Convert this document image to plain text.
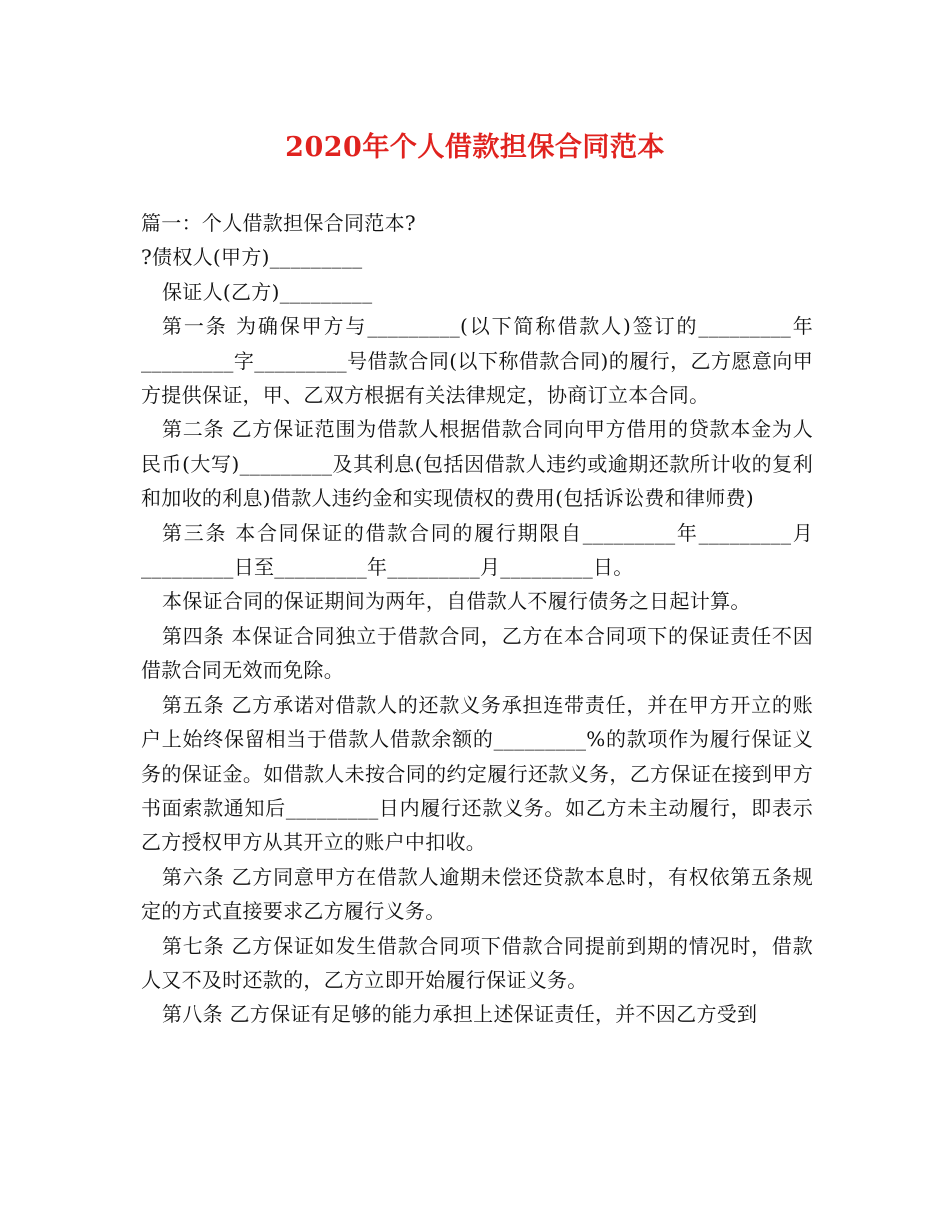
2020年个人借款担保合同范本

篇一：个人借款担保合同范本?

?债权人(甲方)_________

保证人(乙方)_________

第一条 为确保甲方与_________(以下简称借款人)签订的_________年_________字_________号借款合同(以下称借款合同)的履行，乙方愿意向甲方提供保证，甲、乙双方根据有关法律规定，协商订立本合同。

第二条 乙方保证范围为借款人根据借款合同向甲方借用的贷款本金为人民币(大写)_________及其利息(包括因借款人违约或逾期还款所计收的复利和加收的利息)借款人违约金和实现债权的费用(包括诉讼费和律师费)

第三条 本合同保证的借款合同的履行期限自_________年_________月_________日至_________年_________月_________日。

本保证合同的保证期间为两年，自借款人不履行债务之日起计算。

第四条 本保证合同独立于借款合同，乙方在本合同项下的保证责任不因借款合同无效而免除。

第五条 乙方承诺对借款人的还款义务承担连带责任，并在甲方开立的账户上始终保留相当于借款人借款余额的_________%的款项作为履行保证义务的保证金。如借款人未按合同的约定履行还款义务，乙方保证在接到甲方书面索款通知后_________日内履行还款义务。如乙方未主动履行，即表示乙方授权甲方从其开立的账户中扣收。

第六条 乙方同意甲方在借款人逾期未偿还贷款本息时，有权依第五条规定的方式直接要求乙方履行义务。

第七条 乙方保证如发生借款合同项下借款合同提前到期的情况时，借款人又不及时还款的，乙方立即开始履行保证义务。

第八条 乙方保证有足够的能力承担上述保证责任，并不因乙方受到
